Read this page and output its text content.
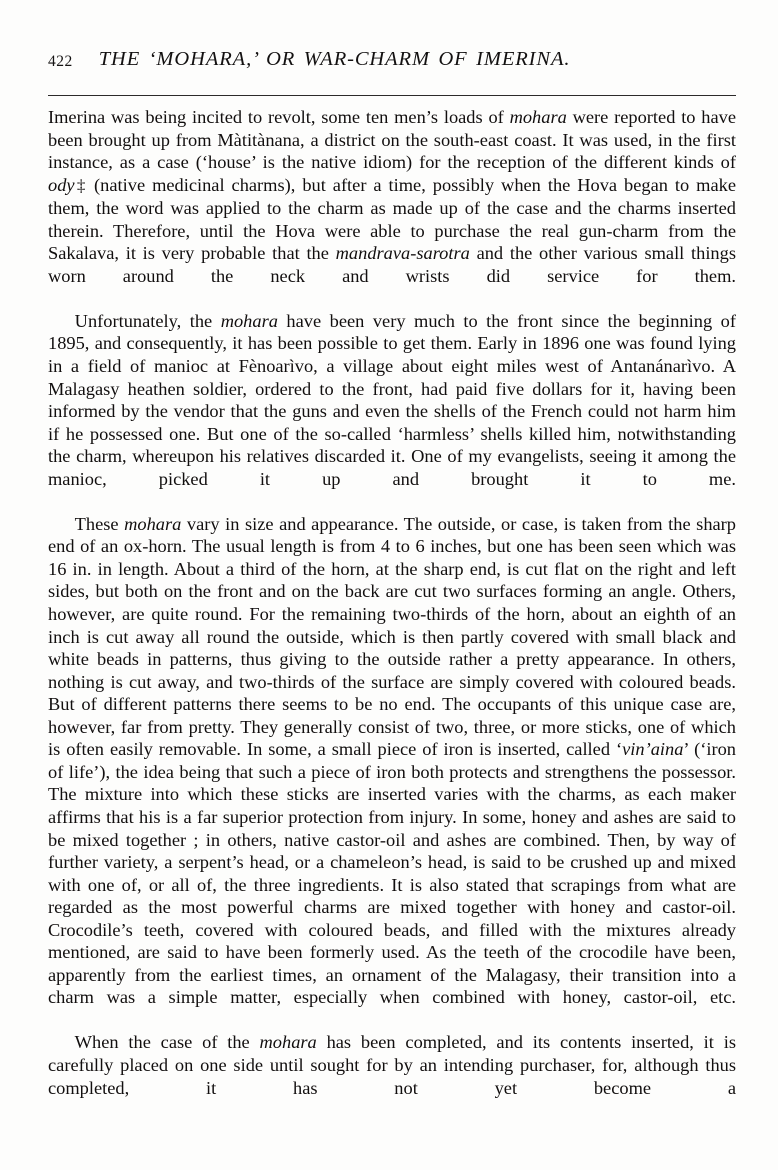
422 THE ‘MOHARA,’ OR WAR-CHARM OF IMERINA.

Imerina was being incited to revolt, some ten men’s loads of mohara were reported to have been brought up from Màtitànana, a district on the south-east coast. It was used, in the first instance, as a case (‘house’ is the native idiom) for the reception of the different kinds of ody‡ (native medicinal charms), but after a time, possibly when the Hova began to make them, the word was applied to the charm as made up of the case and the charms inserted therein. Therefore, until the Hova were able to purchase the real gun-charm from the Sakalava, it is very probable that the mandrava-sarotra and the other various small things worn around the neck and wrists did service for them.

Unfortunately, the mohara have been very much to the front since the beginning of 1895, and consequently, it has been possible to get them. Early in 1896 one was found lying in a field of manioc at Fènoarìvo, a village about eight miles west of Antanánarìvo. A Malagasy heathen soldier, ordered to the front, had paid five dollars for it, having been informed by the vendor that the guns and even the shells of the French could not harm him if he possessed one. But one of the so-called ‘harmless’ shells killed him, notwithstanding the charm, whereupon his relatives discarded it. One of my evangelists, seeing it among the manioc, picked it up and brought it to me.

These mohara vary in size and appearance. The outside, or case, is taken from the sharp end of an ox-horn. The usual length is from 4 to 6 inches, but one has been seen which was 16 in. in length. About a third of the horn, at the sharp end, is cut flat on the right and left sides, but both on the front and on the back are cut two surfaces forming an angle. Others, however, are quite round. For the remaining two-thirds of the horn, about an eighth of an inch is cut away all round the outside, which is then partly covered with small black and white beads in patterns, thus giving to the outside rather a pretty appearance. In others, nothing is cut away, and two-thirds of the surface are simply covered with coloured beads. But of different patterns there seems to be no end. The occupants of this unique case are, however, far from pretty. They generally consist of two, three, or more sticks, one of which is often easily removable. In some, a small piece of iron is inserted, called ‘vin’aina’ (‘iron of life’), the idea being that such a piece of iron both protects and strengthens the possessor. The mixture into which these sticks are inserted varies with the charms, as each maker affirms that his is a far superior protection from injury. In some, honey and ashes are said to be mixed together ; in others, native castor-oil and ashes are combined. Then, by way of further variety, a serpent’s head, or a chameleon’s head, is said to be crushed up and mixed with one of, or all of, the three ingredients. It is also stated that scrapings from what are regarded as the most powerful charms are mixed together with honey and castor-oil. Crocodile’s teeth, covered with coloured beads, and filled with the mixtures already mentioned, are said to have been formerly used. As the teeth of the crocodile have been, apparently from the earliest times, an ornament of the Malagasy, their transition into a charm was a simple matter, especially when combined with honey, castor-oil, etc.

When the case of the mohara has been completed, and its contents inserted, it is carefully placed on one side until sought for by an intending purchaser, for, although thus completed, it has not yet become a
